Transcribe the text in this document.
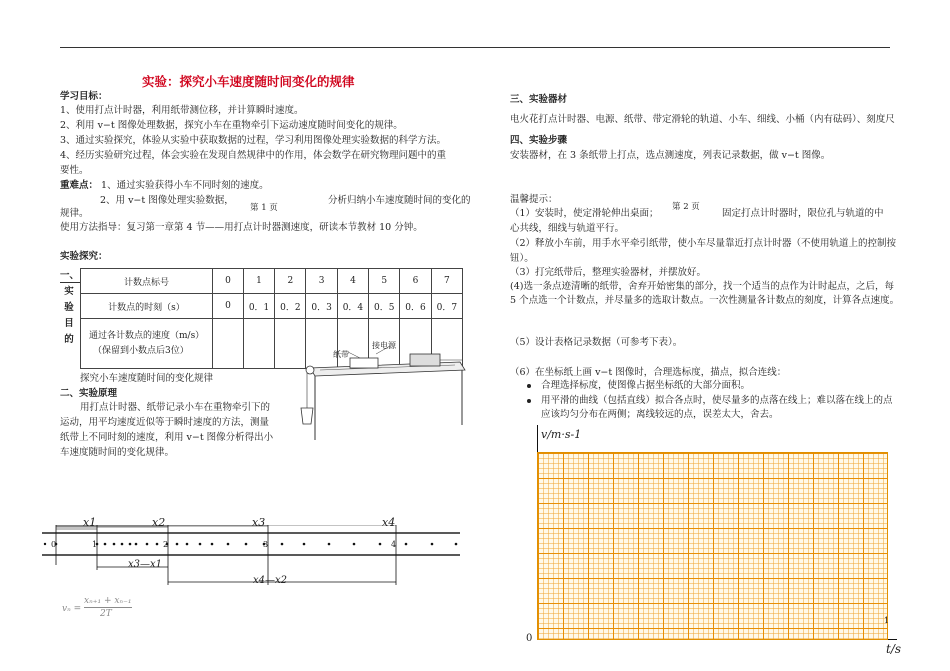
实验：探究小车速度随时间变化的规律
学习目标：
1、使用打点计时器，利用纸带测位移，并计算瞬时速度。
2、利用 v−t 图像处理数据，探究小车在重物牵引下运动速度随时间变化的规律。
3、通过实验探究，体验从实验中获取数据的过程，学习利用图像处理实验数据的科学方法。
4、经历实验研究过程，体会实验在发现自然规律中的作用，体会数学在研究物理问题中的重
要性。
重难点： 1、通过实验获得小车不同时刻的速度。
2、用 v−t 图像处理实验数据，	分析归纳小车速度随时间的变化的
规律。	第 1 页
使用方法指导：复习第一章第 4 节——用打点计时器测速度，研读本节教材 10 分钟。
实验探究：
一、
实
验
目
的
计数点标号	0	1	2	3	4	5	6	7
计数点的时刻（s）	0	0．1	0．2	0．3	0．4	0．5	0．6	0．7

通过各计数点的速度（m/s）
（保留到小数点后3位）								

探究小车速度随时间的变化规律
二、实验原理
用打点计时器、纸带记录小车在重物牵引下的
运动，用平均速度近似等于瞬时速度的方法，测量
纸带上不同时刻的速度，利用 v−t 图像分析得出小
车速度随时间的变化规律。
纸带
接电源
x1	x2	x3	x4
0	1	2	3	4
x3—x1
x4—x2
vₙ =
xₙ₊₁ + xₙ₋₁
2T
三、实验器材
电火花打点计时器、电源、纸带、带定滑轮的轨道、小车、细线、小桶（内有砝码）、刻度尺
四、实验步骤
安装器材，在 3 条纸带上打点，选点测速度，列表记录数据，做 v−t 图像。
温馨提示：
（1）安装时，使定滑轮伸出桌面；
第 2 页
固定打点计时器时，限位孔与轨道的中
心共线，细线与轨道平行。
（2）释放小车前，用手水平牵引纸带，使小车尽量靠近打点计时器（不使用轨道上的控制按
钮）。
（3）打完纸带后，整理实验器材，并摆放好。
(4)选一条点迹清晰的纸带，舍弃开始密集的部分，找一个适当的点作为计时起点，之后，每
5 个点选一个计数点，并尽量多的选取计数点。一次性测量各计数点的刻度，计算各点速度。
（5）设计表格记录数据（可参考下表）。
（6）在坐标纸上画 v−t 图像时，合理选标度，描点，拟合连线：
合理选择标度，使图像占据坐标纸的大部分面积。
用平滑的曲线（包括直线）拟合各点时，使尽量多的点落在线上；难以落在线上的点
应该均匀分布在两侧；离线较远的点，误差太大，舍去。
v/m·s-1
0
1
t/s
